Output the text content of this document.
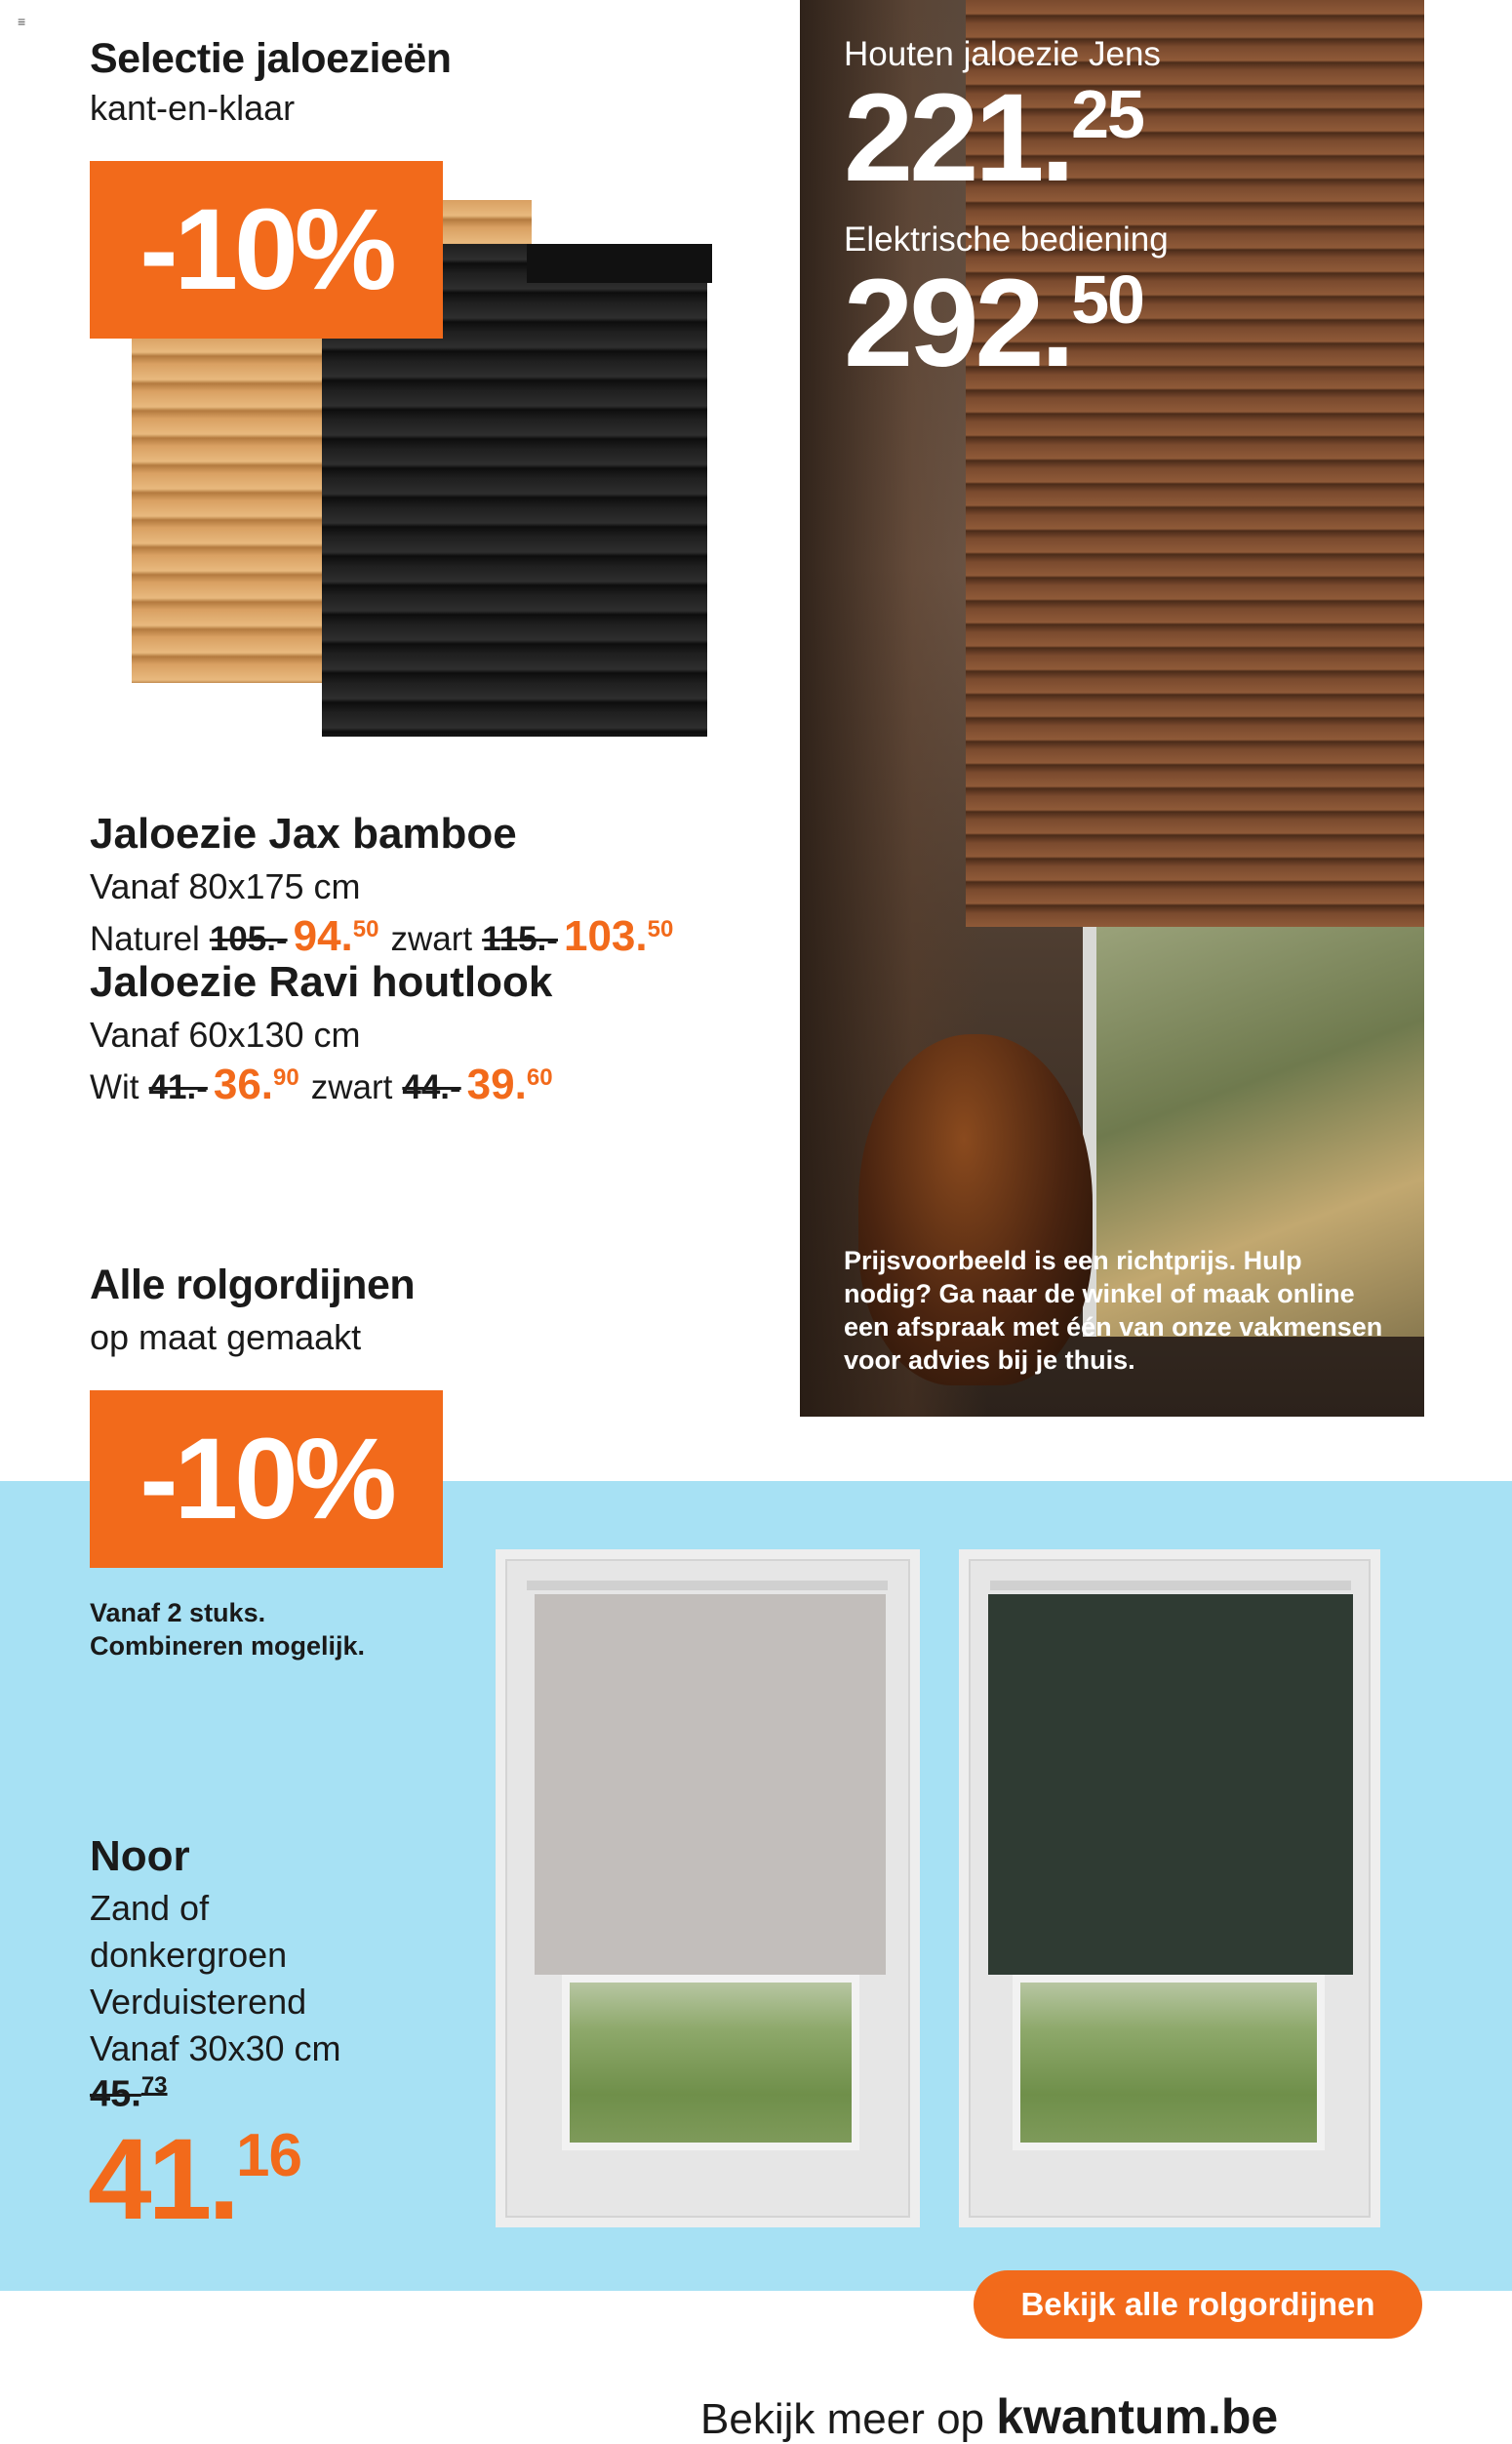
≡
Selectie jaloezieën
kant-en-klaar
-10%
Jaloezie Jax bamboe
Vanaf 80x175 cm
Naturel 105.- 94.50 zwart 115.- 103.50
Jaloezie Ravi houtlook
Vanaf 60x130 cm
Wit 41.- 36.90 zwart 44.- 39.60
Houten jaloezie Jens
221. 25
Elektrische bediening
292. 50
Prijsvoorbeeld is een richtprijs. Hulp nodig? Ga naar de winkel of maak online een afspraak met één van onze vakmensen voor advies bij je thuis.
Alle rolgordijnen
op maat gemaakt
-10%
Vanaf 2 stuks.
Combineren mogelijk.
Noor
Zand of
donkergroen
Verduisterend
Vanaf 30x30 cm
45.73
41. 16
Bekijk alle rolgordijnen
Bekijk meer op kwantum.be
